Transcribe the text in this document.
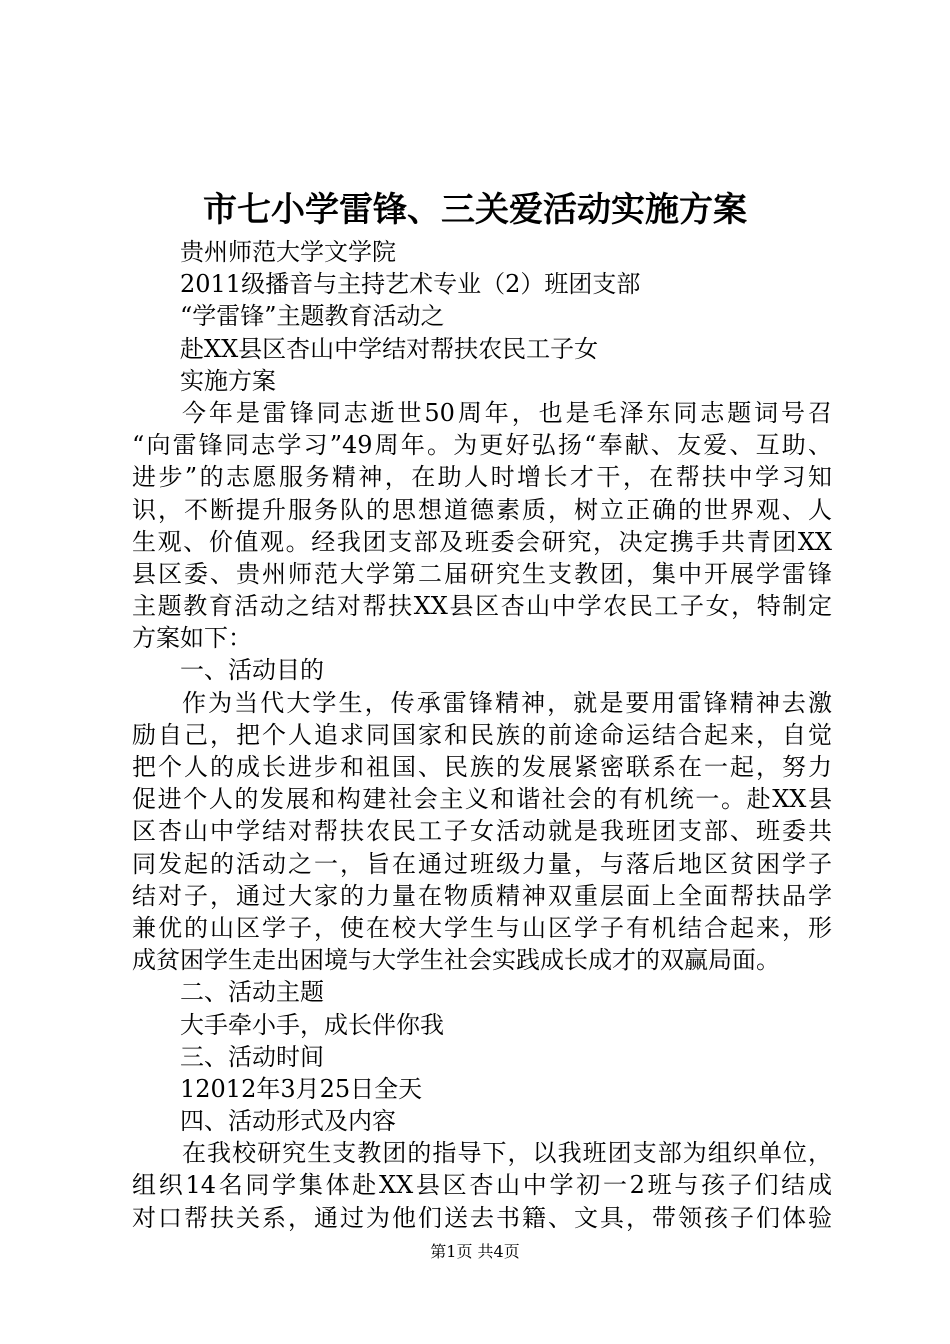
市七小学雷锋、三关爱活动实施方案
贵州师范大学文学院
2011级播音与主持艺术专业（2）班团支部
“学雷锋”主题教育活动之
赴XX县区杏山中学结对帮扶农民工子女
实施方案
今年是雷锋同志逝世50周年，也是毛泽东同志题词号召
“向雷锋同志学习”49周年。为更好弘扬“奉献、友爱、互助、
进步”的志愿服务精神，在助人时增长才干，在帮扶中学习知
识，不断提升服务队的思想道德素质，树立正确的世界观、人
生观、价值观。经我团支部及班委会研究，决定携手共青团XX
县区委、贵州师范大学第二届研究生支教团，集中开展学雷锋
主题教育活动之结对帮扶XX县区杏山中学农民工子女，特制定
方案如下：
一、活动目的
作为当代大学生，传承雷锋精神，就是要用雷锋精神去激
励自己，把个人追求同国家和民族的前途命运结合起来，自觉
把个人的成长进步和祖国、民族的发展紧密联系在一起，努力
促进个人的发展和构建社会主义和谐社会的有机统一。赴XX县
区杏山中学结对帮扶农民工子女活动就是我班团支部、班委共
同发起的活动之一，旨在通过班级力量，与落后地区贫困学子
结对子，通过大家的力量在物质精神双重层面上全面帮扶品学
兼优的山区学子，使在校大学生与山区学子有机结合起来，形
成贫困学生走出困境与大学生社会实践成长成才的双赢局面。
二、活动主题
大手牵小手，成长伴你我
三、活动时间
12012年3月25日全天
四、活动形式及内容
在我校研究生支教团的指导下，以我班团支部为组织单位，
组织14名同学集体赴XX县区杏山中学初一2班与孩子们结成
对口帮扶关系，通过为他们送去书籍、文具，带领孩子们体验
第1页 共4页
